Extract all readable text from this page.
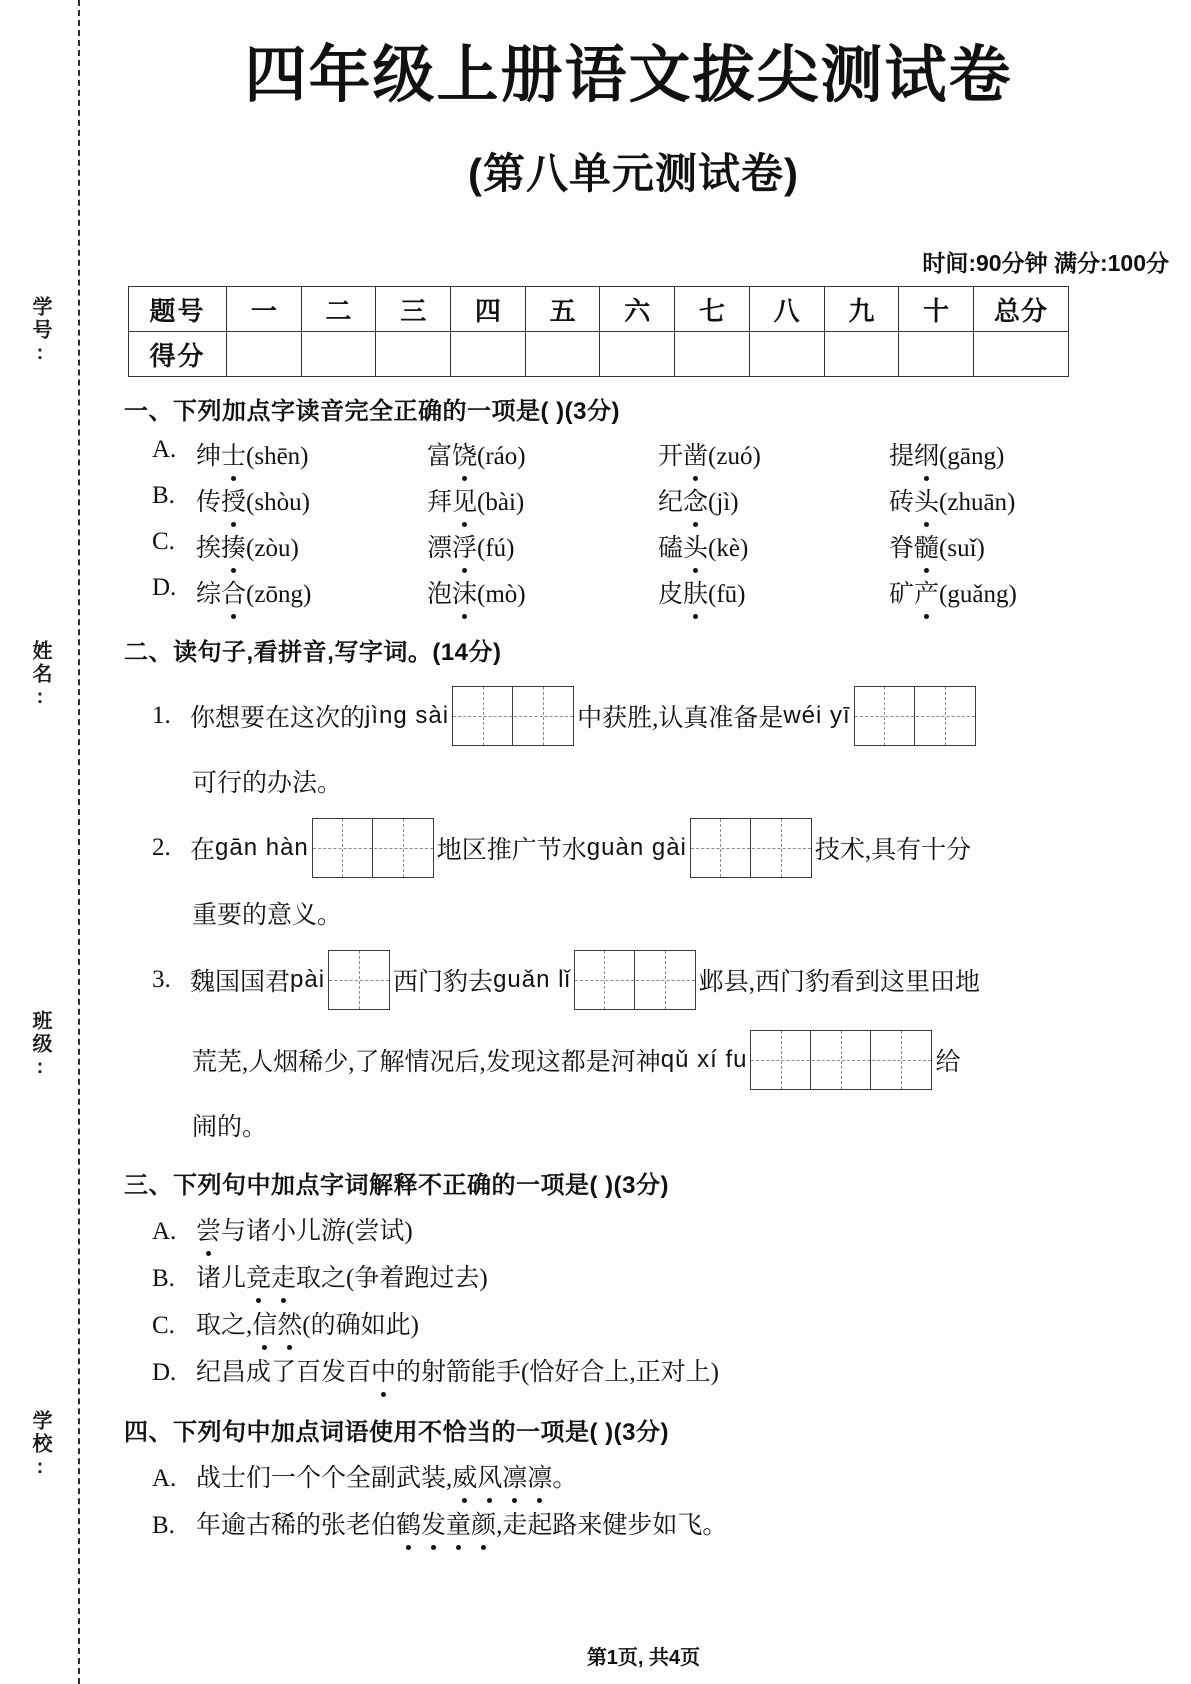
学号:
姓名:
班级:
学校:
四年级上册语文拔尖测试卷
(第八单元测试卷)
时间:90分钟 满分:100分
题号	一	二	三	四	五	六	七	八	九	十	总分
得分											
一、下列加点字读音完全正确的一项是( )(3分)
A. 绅士(shēn)	富饶(ráo)	开凿(zuó)	提纲(gāng)
B. 传授(shòu)	拜见(bài)	纪念(jì)	砖头(zhuān)
C. 挨揍(zòu)	漂浮(fú)	磕头(kè)	脊髓(suǐ)
D. 综合(zōng)	泡沫(mò)	皮肤(fū)	矿产(guǎng)
二、读句子,看拼音,写字词。(14分)
1. 你想要在这次的 jìng sài	中获胜,认真准备是 wéi yī
可行的办法。
2. 在 gān hàn	地区推广节水 guàn gài	技术,具有十分
重要的意义。
3. 魏国国君 pài	西门豹去 guǎn lǐ	邺县,西门豹看到这里田地
荒芜,人烟稀少,了解情况后,发现这都是河神 qǔ xí fu	给
闹的。
三、下列句中加点字词解释不正确的一项是( )(3分)
A. 尝与诸小儿游(尝试)
B. 诸儿竞走取之(争着跑过去)
C. 取之,信然(的确如此)
D. 纪昌成了百发百中的射箭能手(恰好合上,正对上)
四、下列句中加点词语使用不恰当的一项是( )(3分)
A. 战士们一个个全副武装,威风凛凛。
B. 年逾古稀的张老伯鹤发童颜,走起路来健步如飞。
第1页, 共4页
